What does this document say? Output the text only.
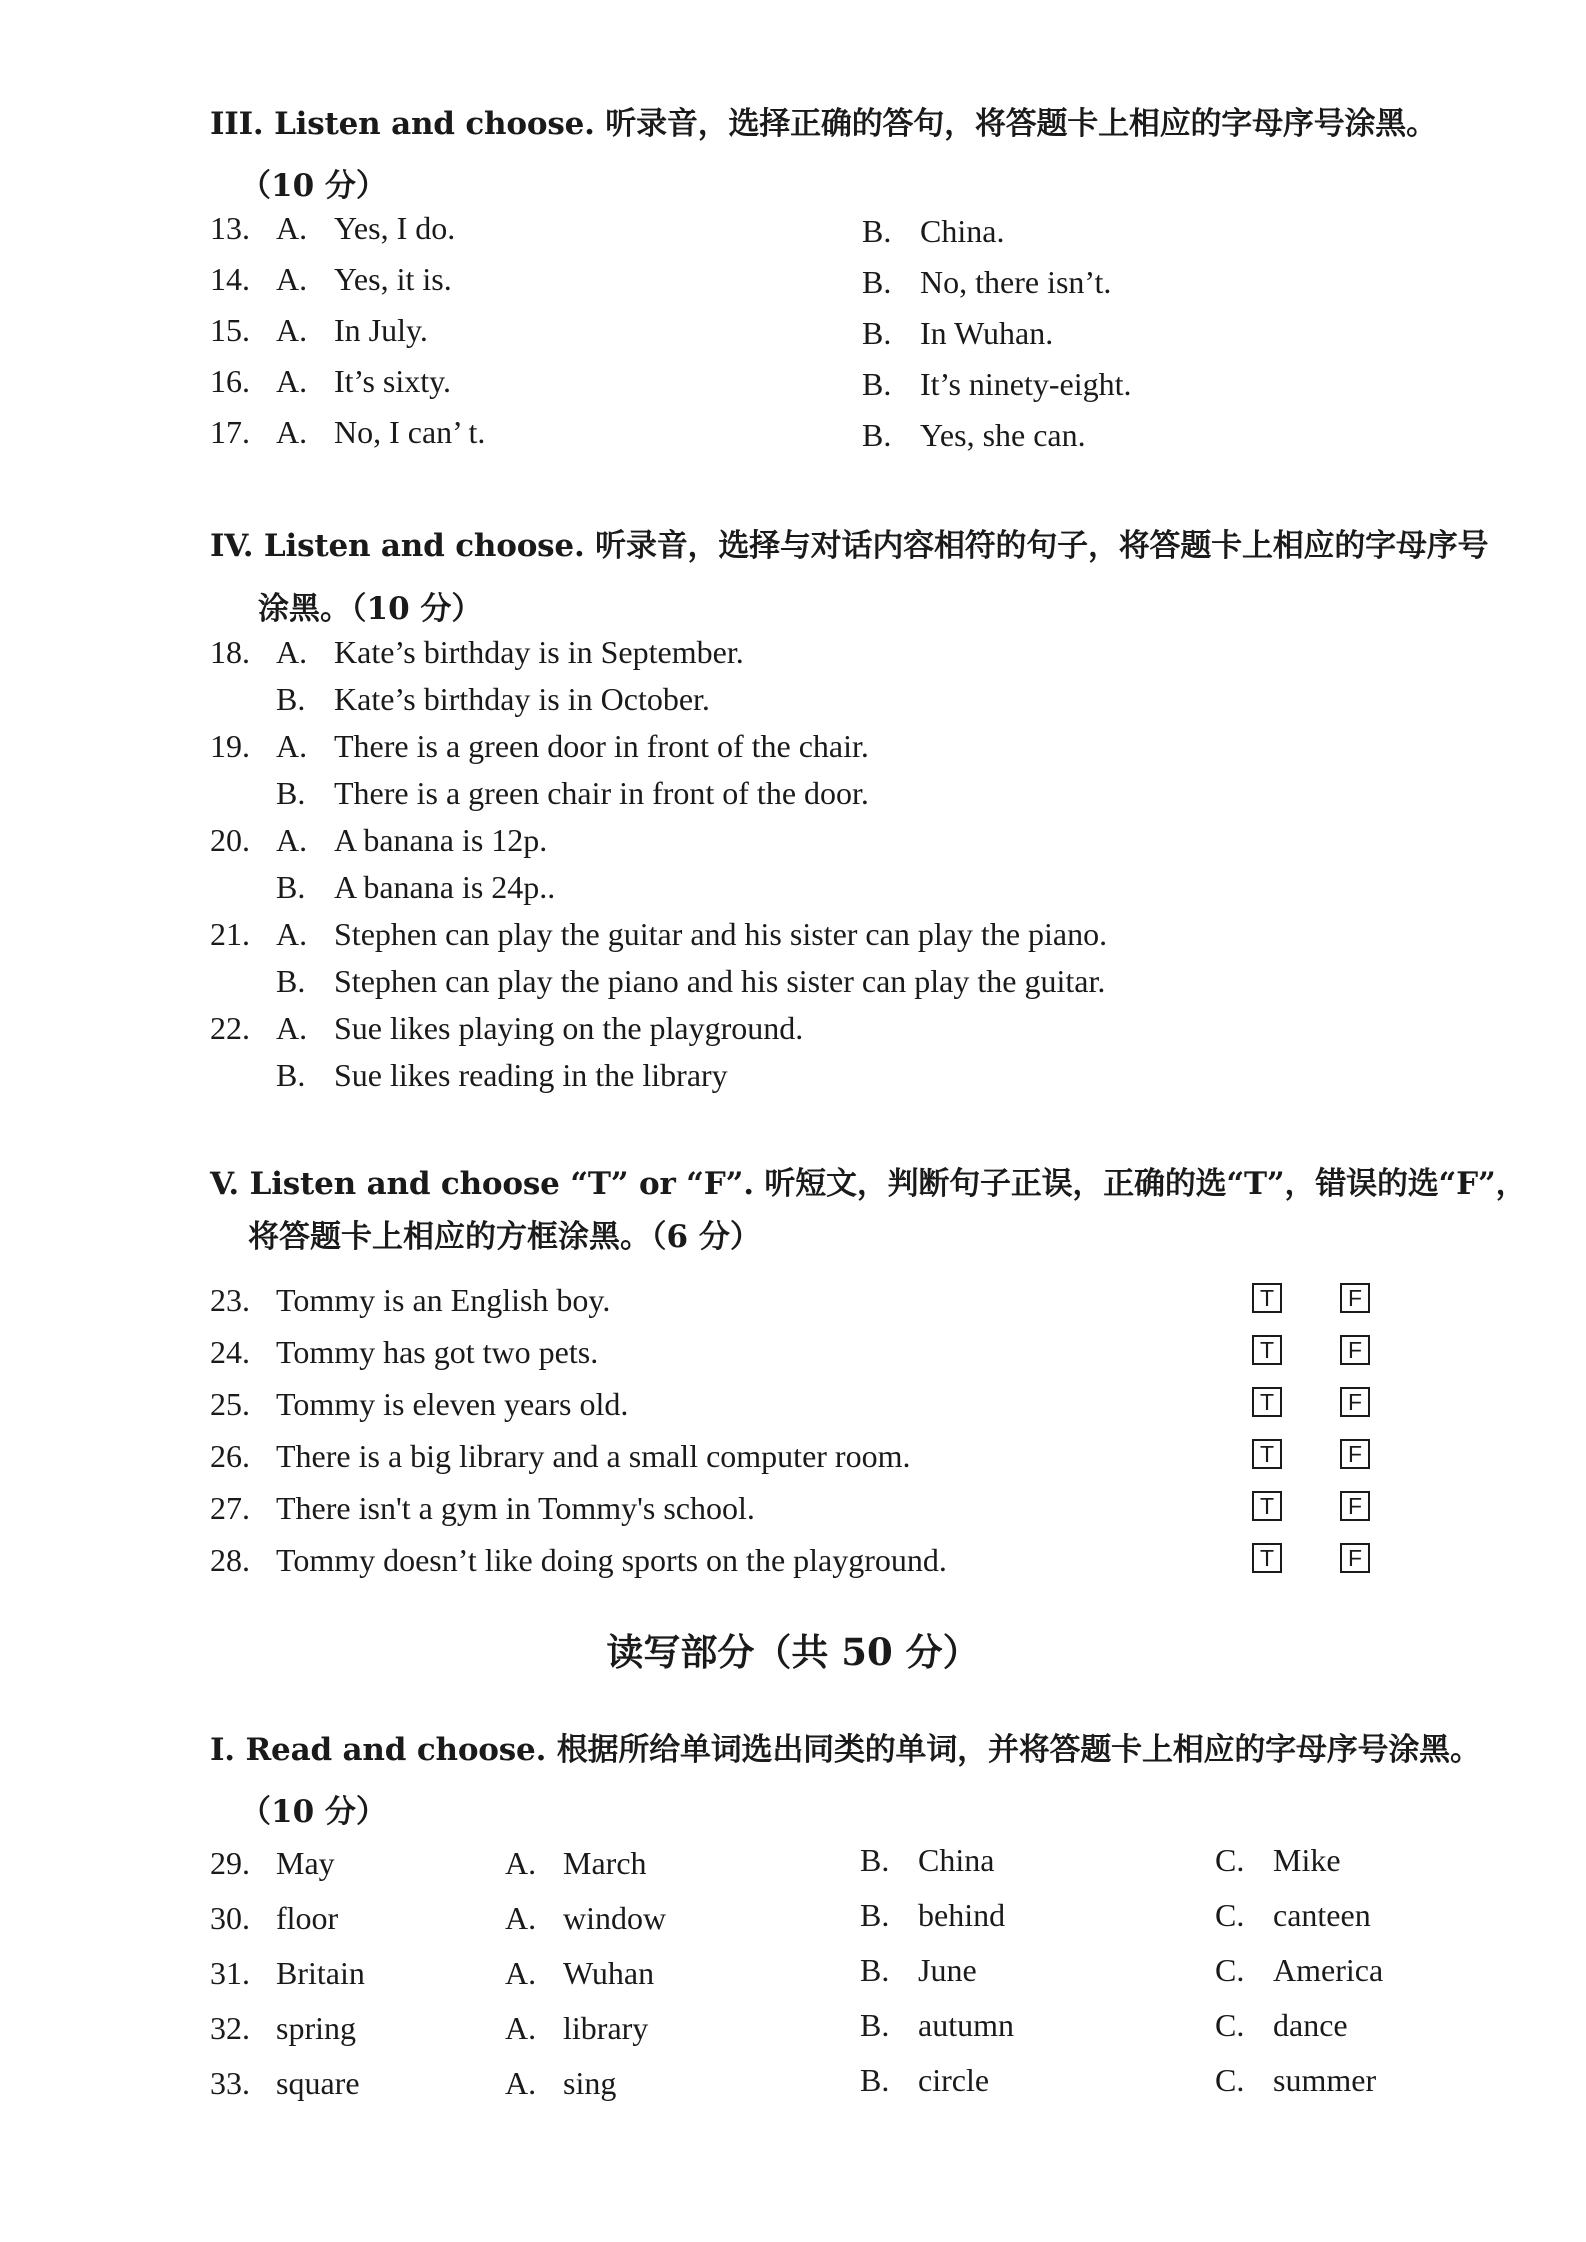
III. Listen and choose. 听录音，选择正确的答句，将答题卡上相应的字母序号涂黑。
（10 分）
13. A. Yes, I do.	B. China.
14. A. Yes, it is.	B. No, there isn’t.
15. A. In July.	B. In Wuhan.
16. A. It’s sixty.	B. It’s ninety-eight.
17. A. No, I can’ t.	B. Yes, she can.
IV. Listen and choose. 听录音，选择与对话内容相符的句子，将答题卡上相应的字母序号
涂黑。（10 分）
18. A. Kate’s birthday is in September.
B. Kate’s birthday is in October.
19. A. There is a green door in front of the chair.
B. There is a green chair in front of the door.
20. A. A banana is 12p.
B. A banana is 24p..
21. A. Stephen can play the guitar and his sister can play the piano.
B. Stephen can play the piano and his sister can play the guitar.
22. A. Sue likes playing on the playground.
B. Sue likes reading in the library
V. Listen and choose “T” or “F”. 听短文，判断句子正误，正确的选“T”，错误的选“F”，
将答题卡上相应的方框涂黑。（6 分）
23. Tommy is an English boy.	T	F
24. Tommy has got two pets.	T	F
25. Tommy is eleven years old.	T	F
26. There is a big library and a small computer room.	T	F
27. There isn't a gym in Tommy's school.	T	F
28. Tommy doesn’t like doing sports on the playground.	T	F
读写部分（共 50 分）
I. Read and choose. 根据所给单词选出同类的单词，并将答题卡上相应的字母序号涂黑。
（10 分）
29. May	A. March	B. China	C. Mike
30. floor	A. window	B. behind	C. canteen
31. Britain	A. Wuhan	B. June	C. America
32. spring	A. library	B. autumn	C. dance
33. square	A. sing	B. circle	C. summer
